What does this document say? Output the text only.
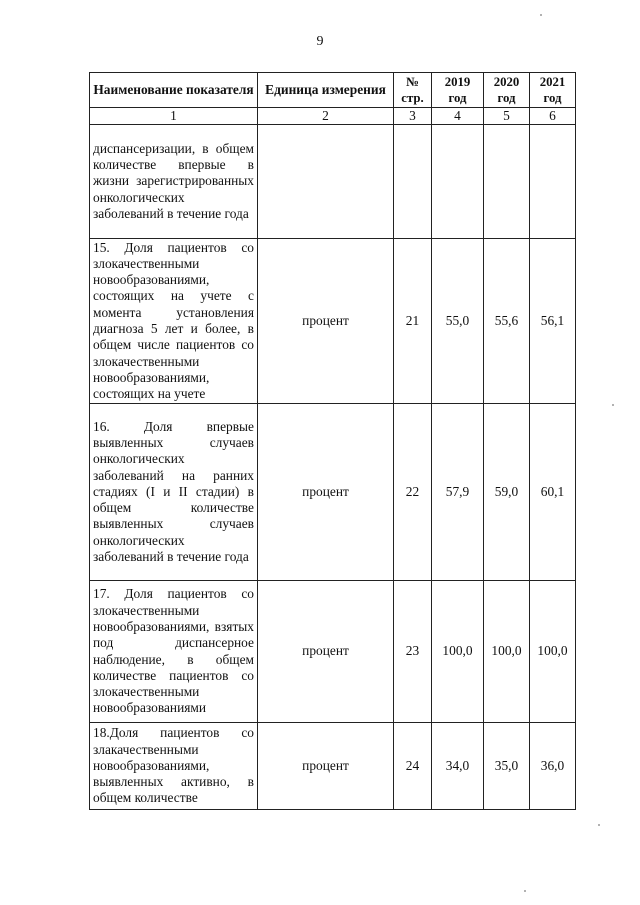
9
Наименование показателя	Единица измерения	№ стр.	2019 год	2020 год	2021 год
1	2	3	4	5	6
диспансеризации, в общем количестве впервые в жизни зарегистрированных онкологических заболеваний в течение года					
15. Доля пациентов со злокачественными новообразованиями, состоящих на учете с момента установления диагноза 5 лет и более, в общем числе пациентов со злокачественными новообразованиями, состоящих на учете	процент	21	55,0	55,6	56,1
16. Доля впервые выявленных случаев онкологических заболеваний на ранних стадиях (I и II стадии) в общем количестве выявленных случаев онкологических заболеваний в течение года	процент	22	57,9	59,0	60,1
17. Доля пациентов со злокачественными новообразованиями, взятых под диспансерное наблюдение, в общем количестве пациентов со злокачественными новообразованиями	процент	23	100,0	100,0	100,0
18.Доля пациентов со злакачественными новообразованиями, выявленных активно, в общем количестве	процент	24	34,0	35,0	36,0
